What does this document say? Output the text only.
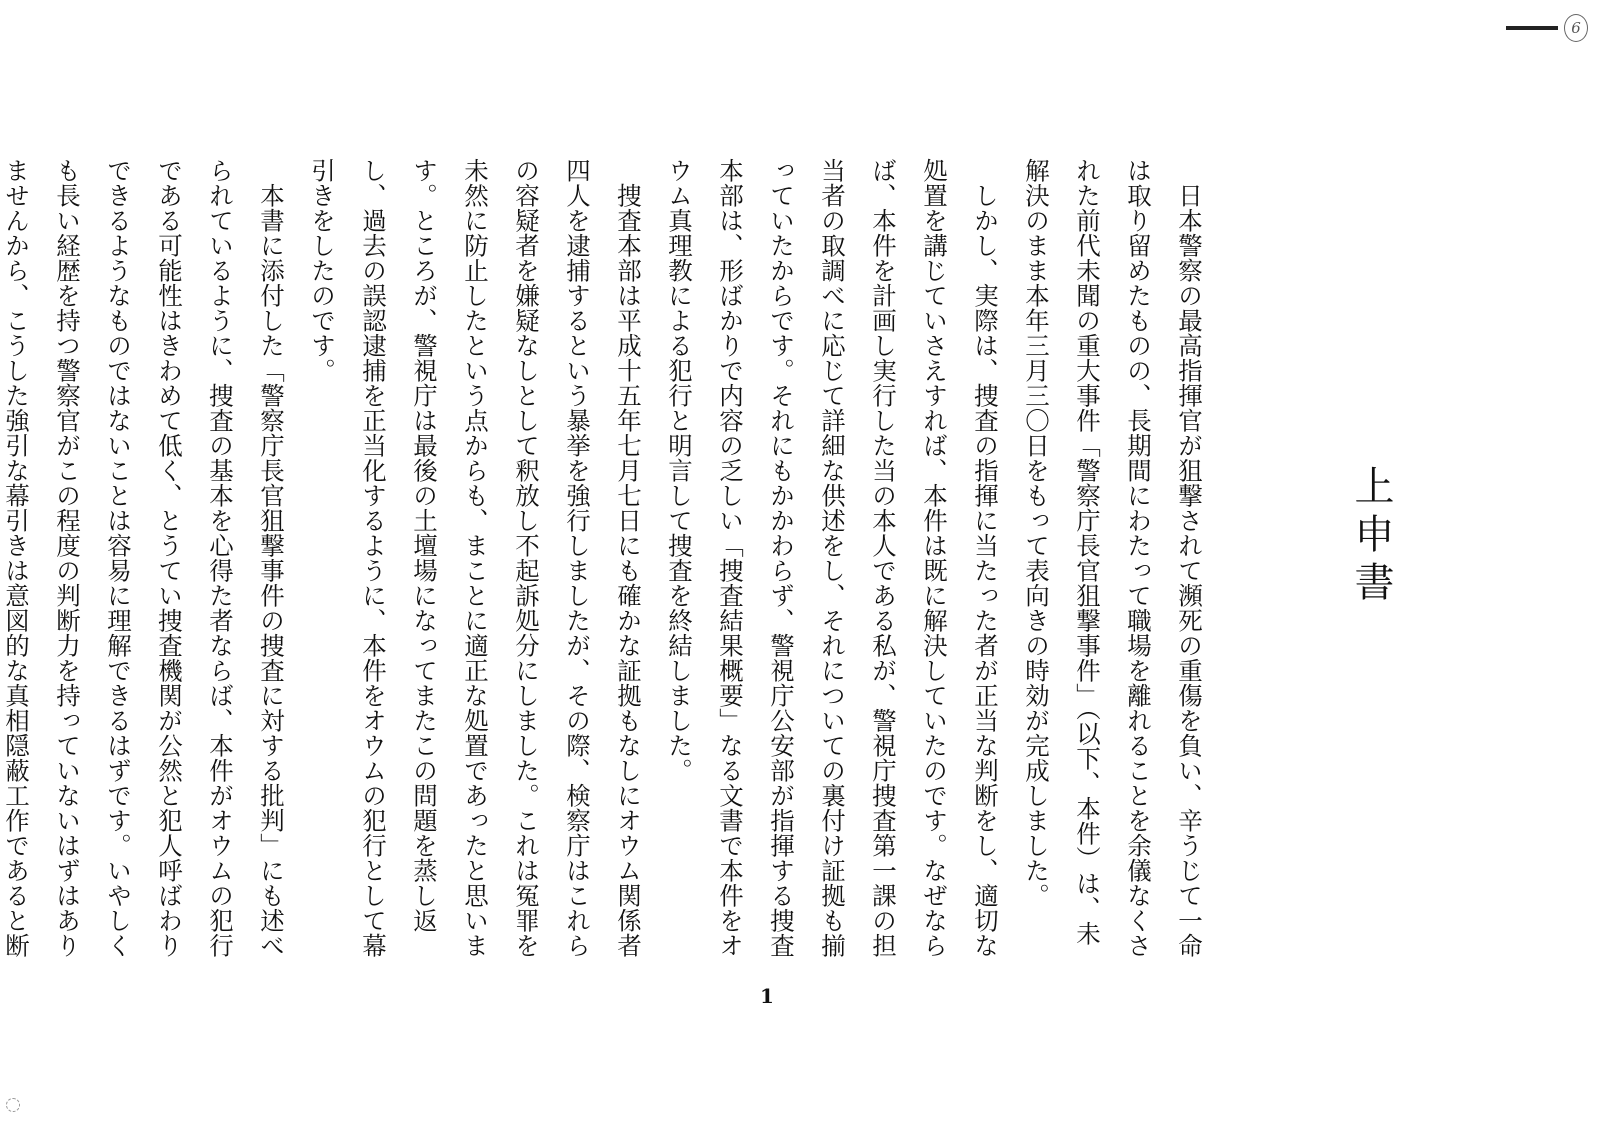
6
上申書

日本警察の最高指揮官が狙撃されて瀕死の重傷を負い、辛うじて一命は取り留めたものの、長期間にわたって職場を離れることを余儀なくされた前代未聞の重大事件「警察庁長官狙撃事件」（以下、本件）は、未解決のまま本年三月三〇日をもって表向きの時効が完成しました。

しかし、実際は、捜査の指揮に当たった者が正当な判断をし、適切な処置を講じていさえすれば、本件は既に解決していたのです。なぜならば、本件を計画し実行した当の本人である私が、警視庁捜査第一課の担当者の取調べに応じて詳細な供述をし、それについての裏付け証拠も揃っていたからです。それにもかかわらず、警視庁公安部が指揮する捜査本部は、形ばかりで内容の乏しい「捜査結果概要」なる文書で本件をオウム真理教による犯行と明言して捜査を終結しました。

捜査本部は平成十五年七月七日にも確かな証拠もなしにオウム関係者四人を逮捕するという暴挙を強行しましたが、その際、検察庁はこれらの容疑者を嫌疑なしとして釈放し不起訴処分にしました。これは冤罪を未然に防止したという点からも、まことに適正な処置であったと思います。ところが、警視庁は最後の土壇場になってまたこの問題を蒸し返し、過去の誤認逮捕を正当化するように、本件をオウムの犯行として幕引きをしたのです。

本書に添付した「警察庁長官狙撃事件の捜査に対する批判」にも述べられているように、捜査の基本を心得た者ならば、本件がオウムの犯行である可能性はきわめて低く、とうてい捜査機関が公然と犯人呼ばわりできるようなものではないことは容易に理解できるはずです。いやしくも長い経歴を持つ警察官がこの程度の判断力を持っていないはずはありませんから、こうした強引な幕引きは意図的な真相隠蔽工作であると断

1
